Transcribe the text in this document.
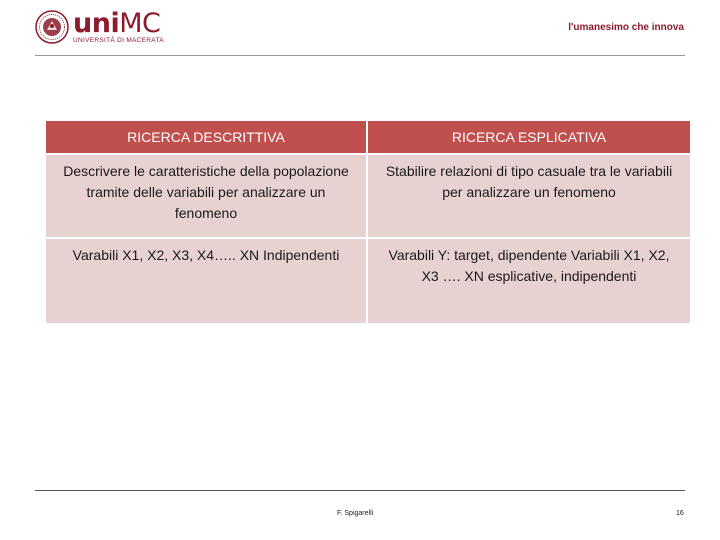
uniMC
UNIVERSITÀ DI MACERATA
l'umanesimo che innova
RICERCA DESCRITTIVA	RICERCA ESPLICATIVA
Descrivere le caratteristiche della popolazione tramite delle variabili per analizzare un fenomeno	Stabilire relazioni di tipo casuale tra le variabili per analizzare un fenomeno
Varabili X1, X2, X3, X4….. XN Indipendenti	Varabili Y: target, dipendente Variabili X1, X2, X3 …. XN esplicative, indipendenti
F. Spigarelli	16
